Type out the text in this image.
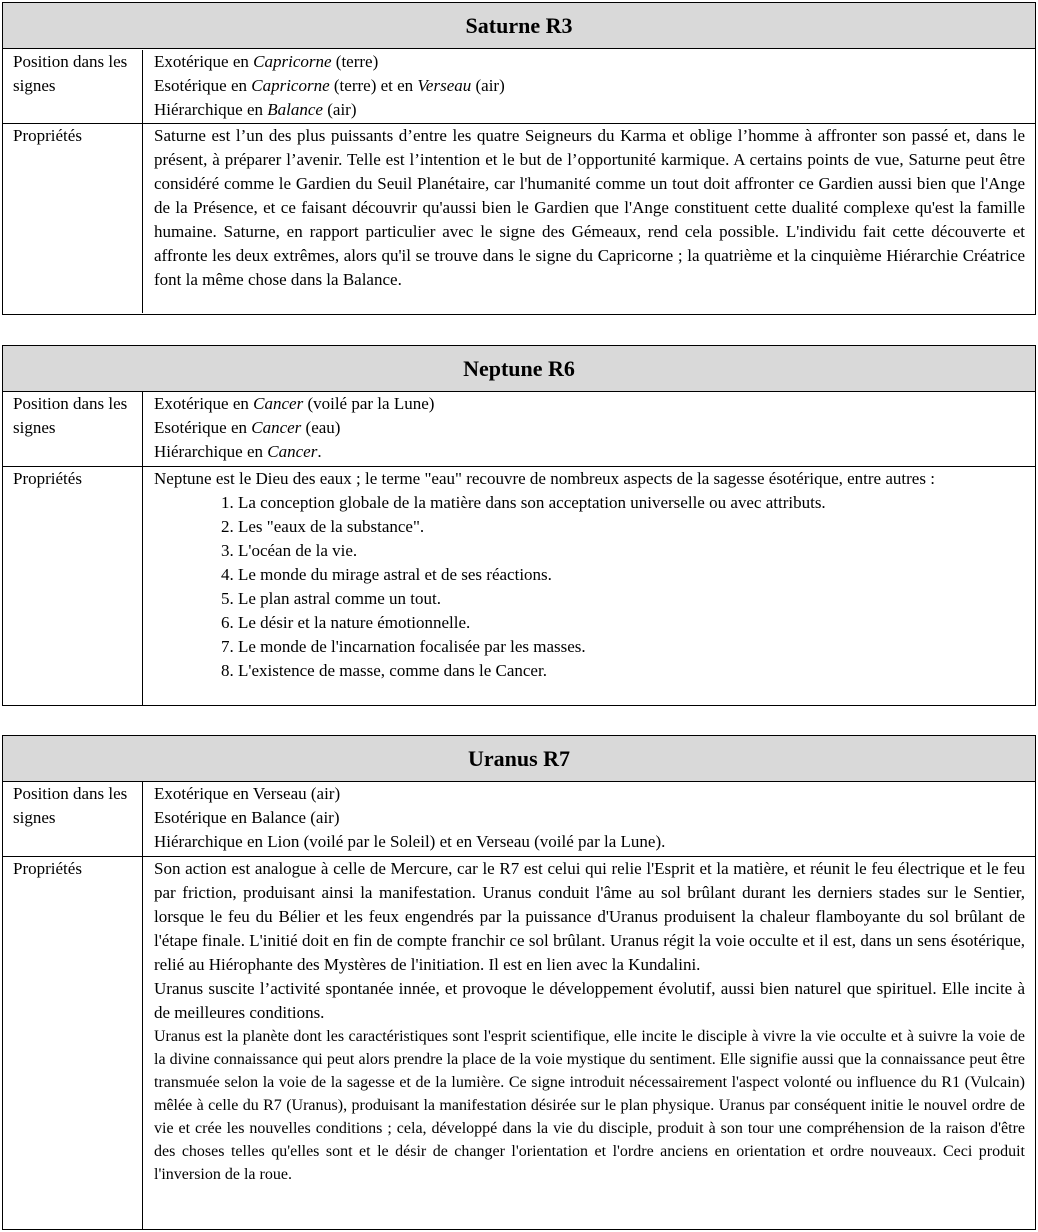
Saturne R3
Position dans les signes
Exotérique en Capricorne (terre)
Esotérique en Capricorne (terre) et en Verseau (air)
Hiérarchique en Balance (air)
Propriétés	Saturne est l’un des plus puissants d’entre les quatre Seigneurs du Karma et oblige l’homme à affronter son passé et, dans le présent, à préparer l’avenir. Telle est l’intention et le but de l’opportunité karmique. A certains points de vue, Saturne peut être considéré comme le Gardien du Seuil Planétaire, car l'humanité comme un tout doit affronter ce Gardien aussi bien que l'Ange de la Présence, et ce faisant découvrir qu'aussi bien le Gardien que l'Ange constituent cette dualité complexe qu'est la famille humaine. Saturne, en rapport particulier avec le signe des Gémeaux, rend cela possible. L'individu fait cette découverte et affronte les deux extrêmes, alors qu'il se trouve dans le signe du Capricorne ; la quatrième et la cinquième Hiérarchie Créatrice font la même chose dans la Balance.

Neptune R6
Position dans les signes
Exotérique en Cancer (voilé par la Lune)
Esotérique en Cancer (eau)
Hiérarchique en Cancer.
Propriétés	Neptune est le Dieu des eaux ; le terme "eau" recouvre de nombreux aspects de la sagesse ésotérique, entre autres :

1. La conception globale de la matière dans son acceptation universelle ou avec attributs.
2. Les "eaux de la substance".
3. L'océan de la vie.
4. Le monde du mirage astral et de ses réactions.
5. Le plan astral comme un tout.
6. Le désir et la nature émotionnelle.
7. Le monde de l'incarnation focalisée par les masses.
8. L'existence de masse, comme dans le Cancer.
Uranus R7
Position dans les signes
Exotérique en Verseau (air)
Esotérique en Balance (air)
Hiérarchique en Lion (voilé par le Soleil) et en Verseau (voilé par la Lune).
Propriétés	Son action est analogue à celle de Mercure, car le R7 est celui qui relie l'Esprit et la matière, et réunit le feu électrique et le feu par friction, produisant ainsi la manifestation. Uranus conduit l'âme au sol brûlant durant les derniers stades sur le Sentier, lorsque le feu du Bélier et les feux engendrés par la puissance d'Uranus produisent la chaleur flamboyante du sol brûlant de l'étape finale. L'initié doit en fin de compte franchir ce sol brûlant. Uranus régit la voie occulte et il est, dans un sens ésotérique, relié au Hiérophante des Mystères de l'initiation. Il est en lien avec la Kundalini.

Uranus suscite l’activité spontanée innée, et provoque le développement évolutif, aussi bien naturel que spirituel. Elle incite à de meilleures conditions.

Uranus est la planète dont les caractéristiques sont l'esprit scientifique, elle incite le disciple à vivre la vie occulte et à suivre la voie de la divine connaissance qui peut alors prendre la place de la voie mystique du sentiment. Elle signifie aussi que la connaissance peut être transmuée selon la voie de la sagesse et de la lumière. Ce signe introduit nécessairement l'aspect volonté ou influence du R1 (Vulcain) mêlée à celle du R7 (Uranus), produisant la manifestation désirée sur le plan physique. Uranus par conséquent initie le nouvel ordre de vie et crée les nouvelles conditions ; cela, développé dans la vie du disciple, produit à son tour une compréhension de la raison d'être des choses telles qu'elles sont et le désir de changer l'orientation et l'ordre anciens en orientation et ordre nouveaux. Ceci produit l'inversion de la roue.
